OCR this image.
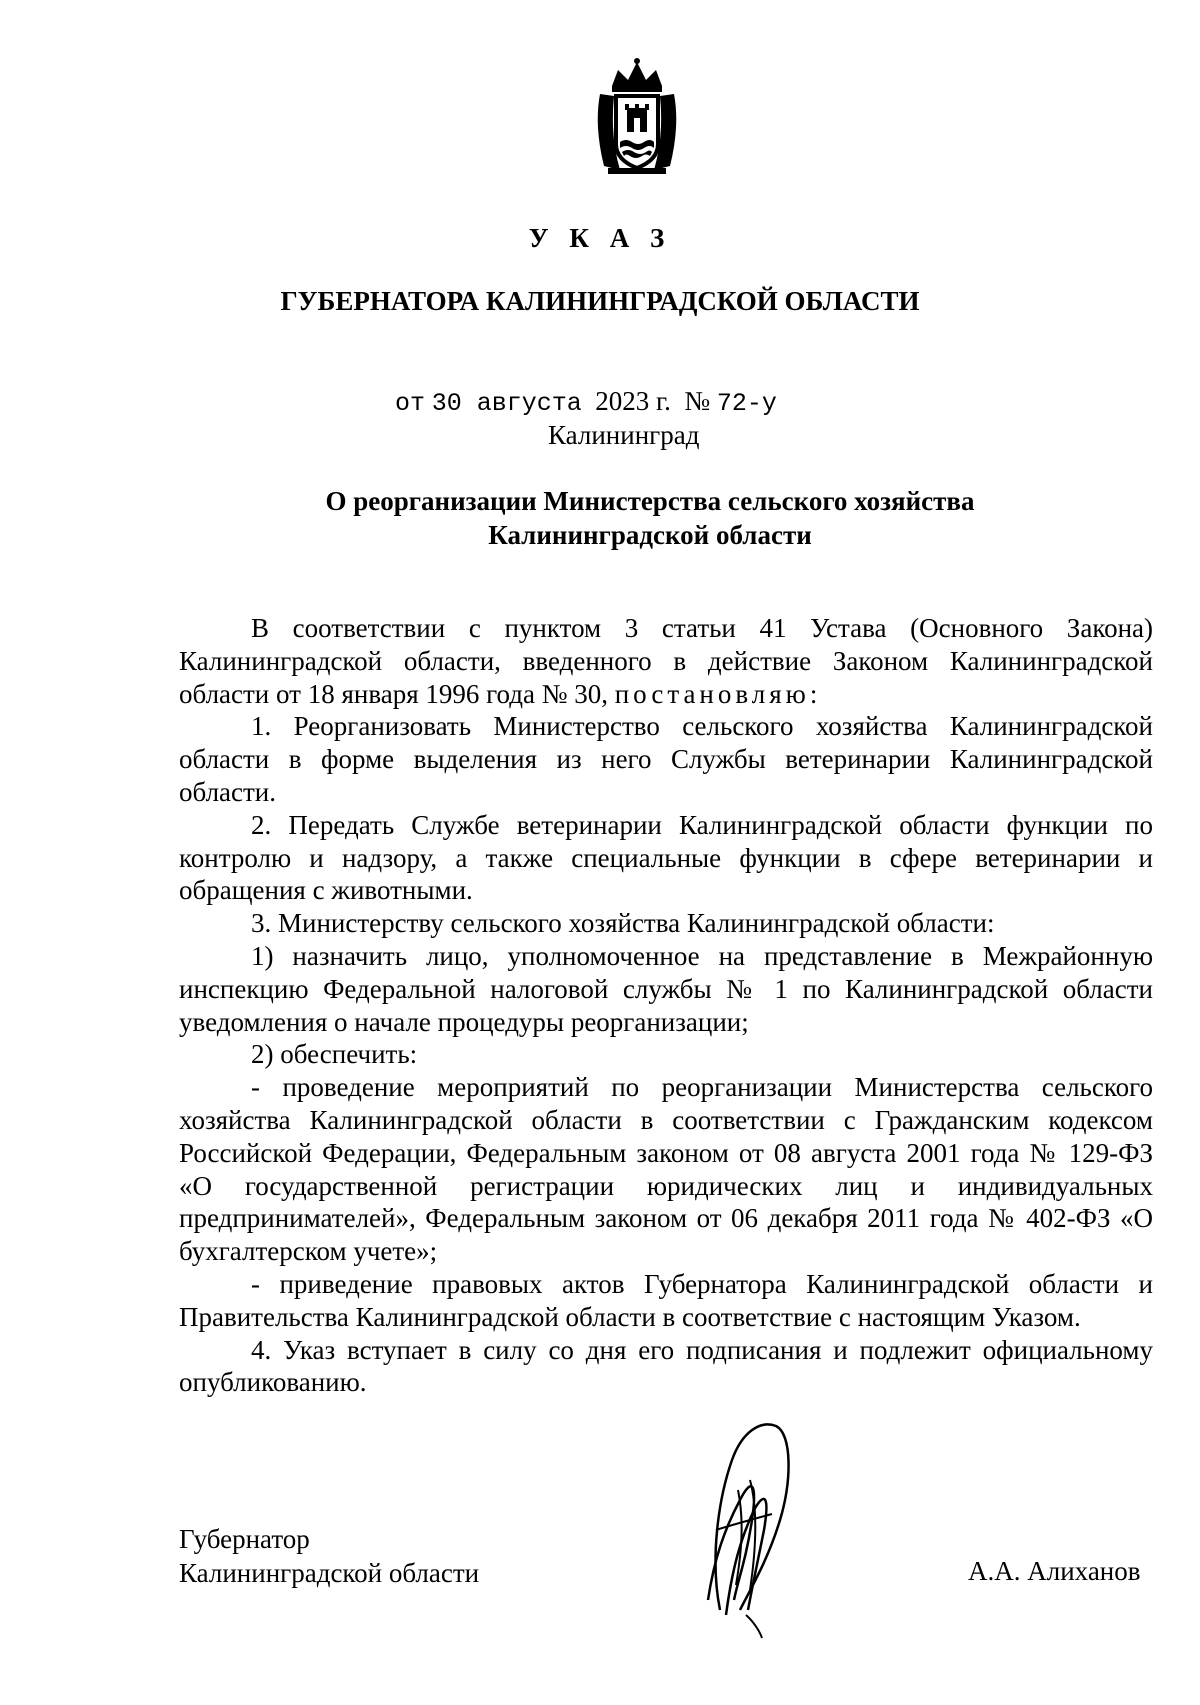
У К А З
ГУБЕРНАТОРА КАЛИНИНГРАДСКОЙ ОБЛАСТИ
от 30 августа 2023 г. № 72-у
Калининград
О реорганизации Министерства сельского хозяйства
Калининградской области

В соответствии с пунктом 3 статьи 41 Устава (Основного Закона) Калининградской области, введенного в действие Законом Калининградской области от 18 января 1996 года № 30, постановляю:

1. Реорганизовать Министерство сельского хозяйства Калининградской области в форме выделения из него Службы ветеринарии Калининградской области.

2. Передать Службе ветеринарии Калининградской области функции по контролю и надзору, а также специальные функции в сфере ветеринарии и обращения с животными.

3. Министерству сельского хозяйства Калининградской области:

1) назначить лицо, уполномоченное на представление в Межрайонную инспекцию Федеральной налоговой службы № 1 по Калининградской области уведомления о начале процедуры реорганизации;

2) обеспечить:

- проведение мероприятий по реорганизации Министерства сельского хозяйства Калининградской области в соответствии с Гражданским кодексом Российской Федерации, Федеральным законом от 08 августа 2001 года № 129-ФЗ «О государственной регистрации юридических лиц и индивидуальных предпринимателей», Федеральным законом от 06 декабря 2011 года № 402-ФЗ «О бухгалтерском учете»;

- приведение правовых актов Губернатора Калининградской области и Правительства Калининградской области в соответствие с настоящим Указом.

4. Указ вступает в силу со дня его подписания и подлежит официальному опубликованию.

Губернатор
Калининградской области	А.А. Алиханов
